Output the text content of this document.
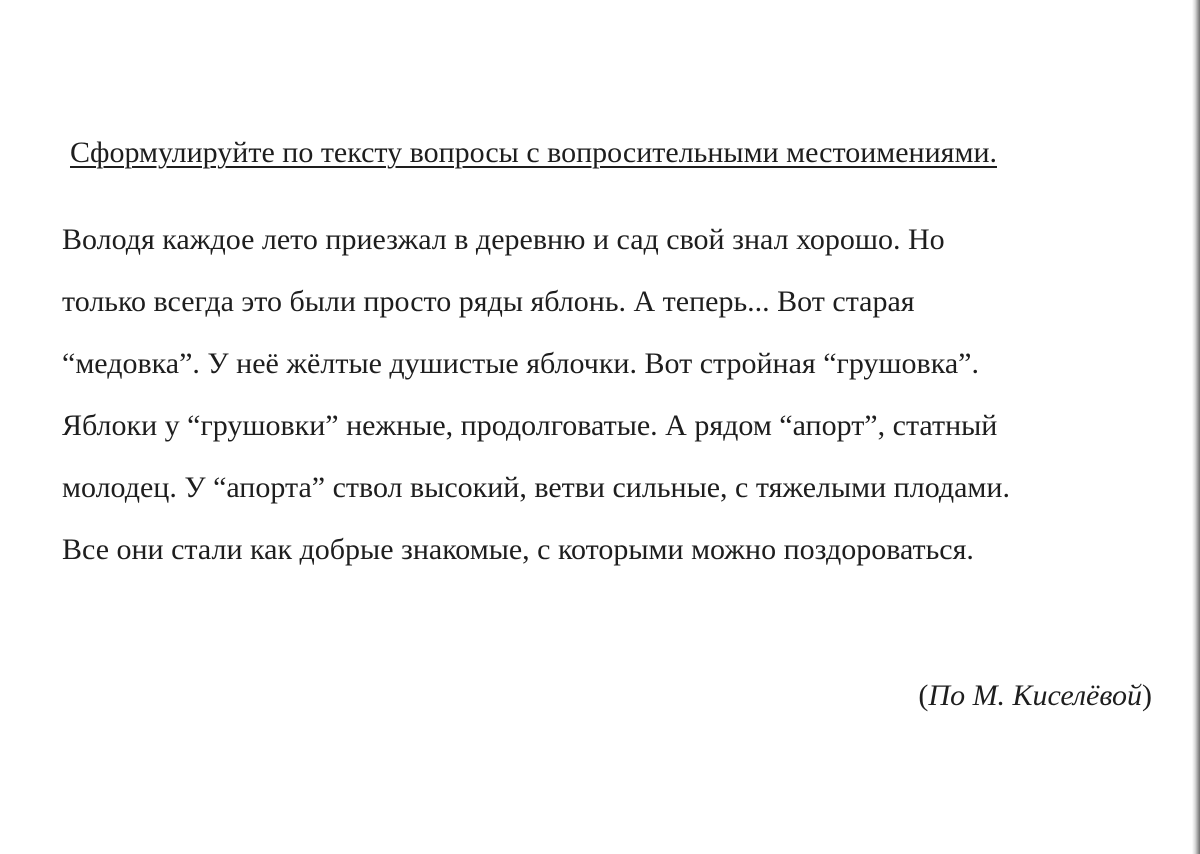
Сформулируйте по тексту вопросы с вопросительными местоимениями.
Володя каждое лето приезжал в деревню и сад свой знал хорошо. Но
только всегда это были просто ряды яблонь. А теперь... Вот старая
“медовка”. У неё жёлтые душистые яблочки. Вот стройная “грушовка”.
Яблоки у “грушовки” нежные, продолговатые. А рядом “апорт”, статный
молодец. У “апорта” ствол высокий, ветви сильные, с тяжелыми плодами.
Все они стали как добрые знакомые, с которыми можно поздороваться.
(По М. Киселёвой)
